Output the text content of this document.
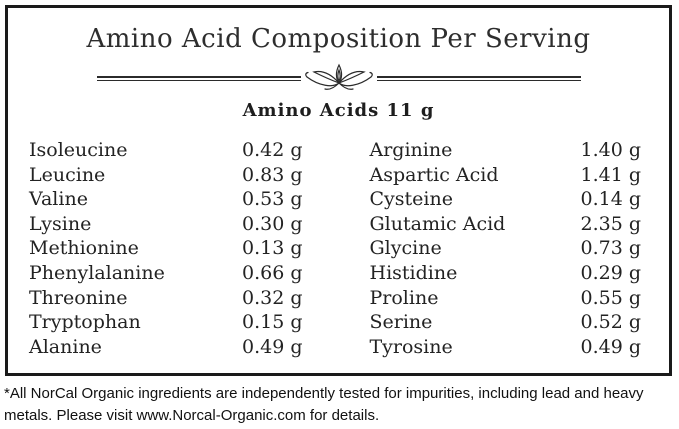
Amino Acid Composition Per Serving
Amino Acids 11 g
Isoleucine	0.42 g
Leucine	0.83 g
Valine	0.53 g
Lysine	0.30 g
Methionine	0.13 g
Phenylalanine	0.66 g
Threonine	0.32 g
Tryptophan	0.15 g
Alanine	0.49 g
Arginine	1.40 g
Aspartic Acid	1.41 g
Cysteine	0.14 g
Glutamic Acid	2.35 g
Glycine	0.73 g
Histidine	0.29 g
Proline	0.55 g
Serine	0.52 g
Tyrosine	0.49 g
*All NorCal Organic ingredients are independently tested for impurities, including lead and heavy metals. Please visit www.Norcal-Organic.com for details.
